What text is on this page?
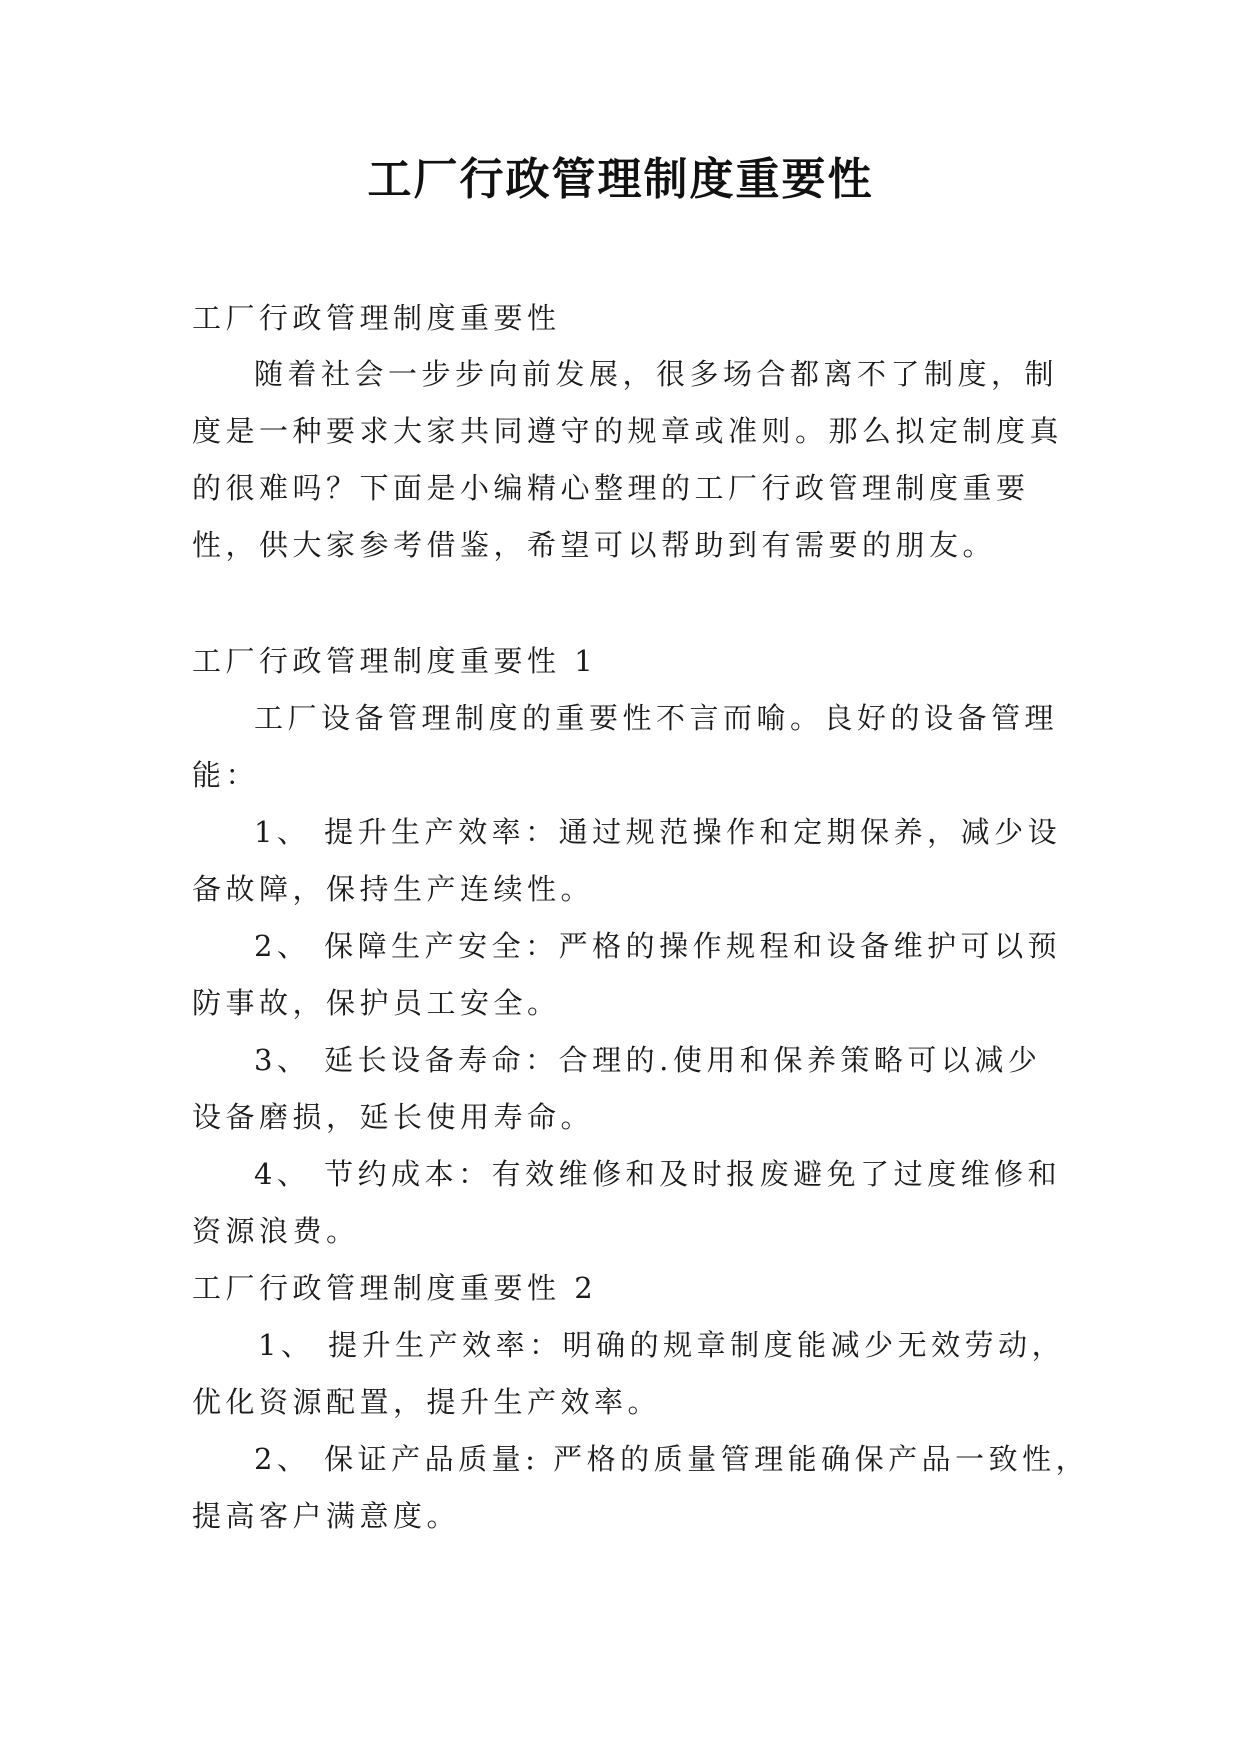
工厂行政管理制度重要性

工厂行政管理制度重要性

随着社会一步步向前发展，很多场合都离不了制度，制

度是一种要求大家共同遵守的规章或准则。那么拟定制度真

的很难吗？下面是小编精心整理的工厂行政管理制度重要

性，供大家参考借鉴，希望可以帮助到有需要的朋友。

工厂行政管理制度重要性 1

工厂设备管理制度的重要性不言而喻。良好的设备管理

能：

1、 提升生产效率：通过规范操作和定期保养，减少设

备故障，保持生产连续性。

2、 保障生产安全：严格的操作规程和设备维护可以预

防事故，保护员工安全。

3、 延长设备寿命：合理的.使用和保养策略可以减少

设备磨损，延长使用寿命。

4、 节约成本：有效维修和及时报废避免了过度维修和

资源浪费。

工厂行政管理制度重要性 2

1、 提升生产效率：明确的规章制度能减少无效劳动，

优化资源配置，提升生产效率。

2、 保证产品质量: 严格的质量管理能确保产品一致性，

提高客户满意度。
